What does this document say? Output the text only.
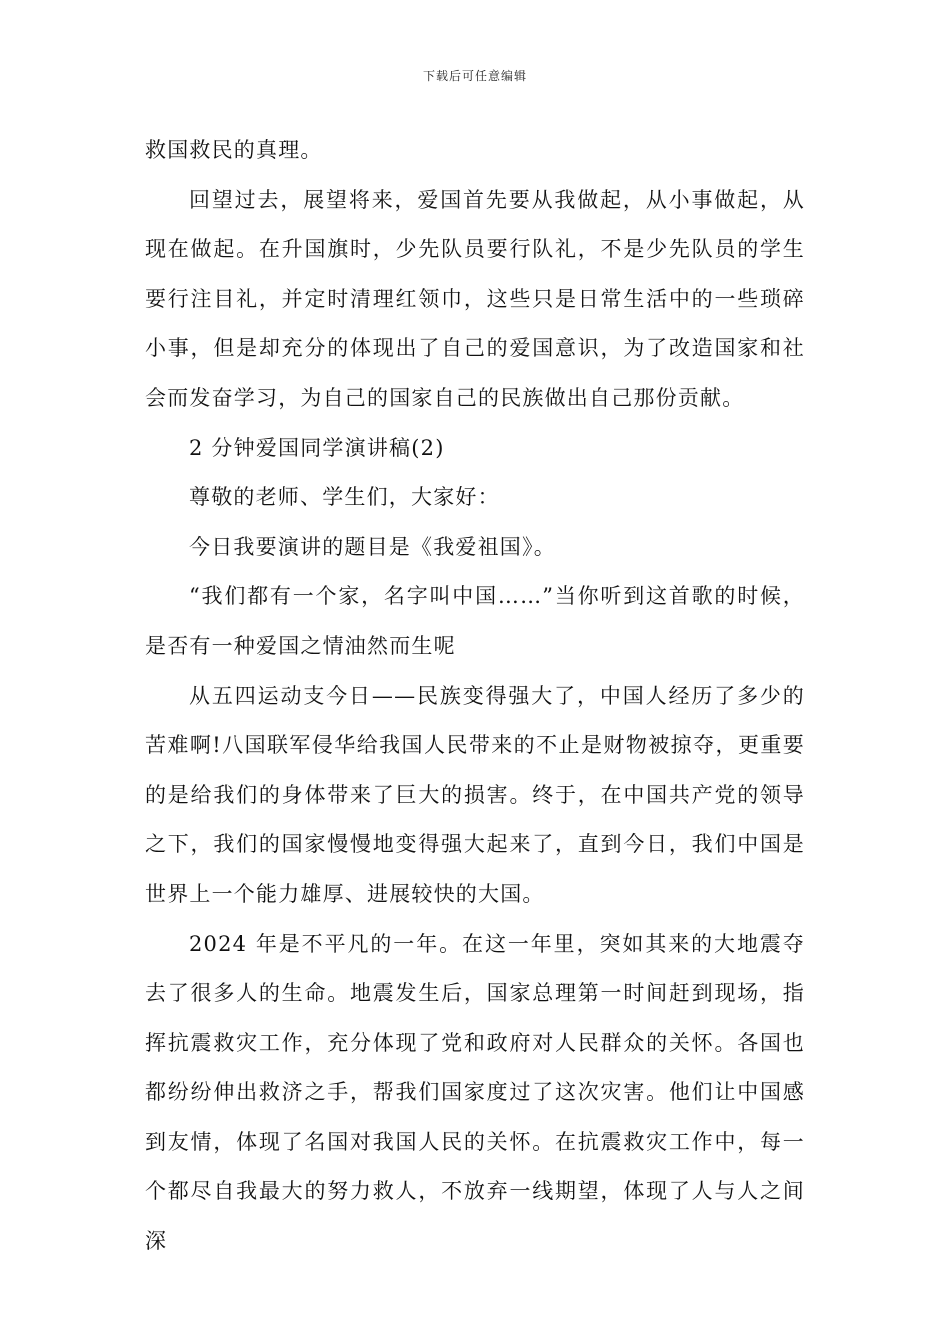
下载后可任意编辑

救国救民的真理。

回望过去，展望将来，爱国首先要从我做起，从小事做起，从现在做起。在升国旗时，少先队员要行队礼，不是少先队员的学生要行注目礼，并定时清理红领巾，这些只是日常生活中的一些琐碎小事，但是却充分的体现出了自己的爱国意识，为了改造国家和社会而发奋学习，为自己的国家自己的民族做出自己那份贡献。

2 分钟爱国同学演讲稿(2)

尊敬的老师、学生们，大家好：

今日我要演讲的题目是《我爱祖国》。

“我们都有一个家，名字叫中国……”当你听到这首歌的时候，是否有一种爱国之情油然而生呢

从五四运动支今日——民族变得强大了，中国人经历了多少的苦难啊!八国联军侵华给我国人民带来的不止是财物被掠夺，更重要的是给我们的身体带来了巨大的损害。终于，在中国共产党的领导之下，我们的国家慢慢地变得强大起来了，直到今日，我们中国是世界上一个能力雄厚、进展较快的大国。

2024 年是不平凡的一年。在这一年里，突如其来的大地震夺去了很多人的生命。地震发生后，国家总理第一时间赶到现场，指挥抗震救灾工作，充分体现了党和政府对人民群众的关怀。各国也都纷纷伸出救济之手，帮我们国家度过了这次灾害。他们让中国感到友情，体现了名国对我国人民的关怀。在抗震救灾工作中，每一个都尽自我最大的努力救人，不放弃一线期望，体现了人与人之间深
